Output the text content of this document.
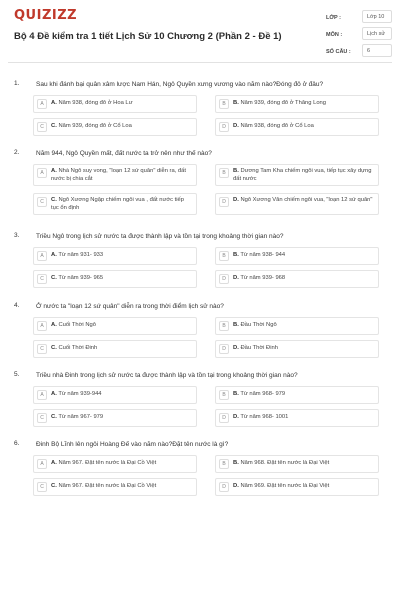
QUIZIZZ
Bộ 4 Đề kiểm tra 1 tiết Lịch Sử 10 Chương 2 (Phần 2 - Đề 1)
LỚP :	Lớp 10
MÔN :	Lịch sử
SỐ CÂU :	6
1.	Sau khi đánh bại quân xâm lược Nam Hán, Ngô Quyền xưng vương vào năm nào?Đóng đô ở đâu?
A	A. Năm 938, đóng đô ở Hoa Lư	B	B. Năm 939, đóng đô ở Thăng Long
C	C. Năm 939, đóng đô ở Cổ Loa	D	D. Năm 938, đóng đô ở Cổ Loa
2.	Năm 944, Ngô Quyền mất, đất nước ta trở nên như thế nào?
A	A. Nhà Ngô suy vong, "loạn 12 sứ quân" diễn ra, đất nước bị chia cắt
B	B. Dương Tam Kha chiếm ngôi vua, tiếp tục xây dựng đất nước
C	C. Ngô Xương Ngập chiếm ngôi vua , đất nước tiếp tục ổn định
D	D. Ngô Xương Văn chiếm ngôi vua, "loạn 12 sứ quân"
3.	Triều Ngô trong lịch sử nước ta được thành lập và tồn tại trong khoảng thời gian nào?
A	A. Từ năm 931- 933	B	B. Từ năm 938- 944
C	C. Từ năm 939- 965	D	D. Từ năm 939- 968
4.	Ở nước ta "loạn 12 sứ quân" diễn ra trong thời điểm lịch sử nào?
A	A. Cuối Thời Ngô	B	B. Đầu Thời Ngô
C	C. Cuối Thời Đinh	D	D. Đầu Thời Đinh
5.	Triều nhà Đinh trong lịch sử nước ta được thành lập và tồn tại trong khoảng thời gian nào?
A	A. Từ năm 939-944	B	B. Từ năm 968- 979
C	C. Từ năm 967- 979	D	D. Từ năm 968- 1001
6.	Đinh Bộ Lĩnh lên ngôi Hoàng Đế vào năm nào?Đặt tên nước là gì?
A	A. Năm 967. Đặt tên nước là Đại Cồ Việt	B	B. Năm 968. Đặt tên nước là Đại Việt
C	C. Năm 967. Đặt tên nước là Đại Cồ Việt	D	D. Năm 969. Đặt tên nước là Đại Việt
